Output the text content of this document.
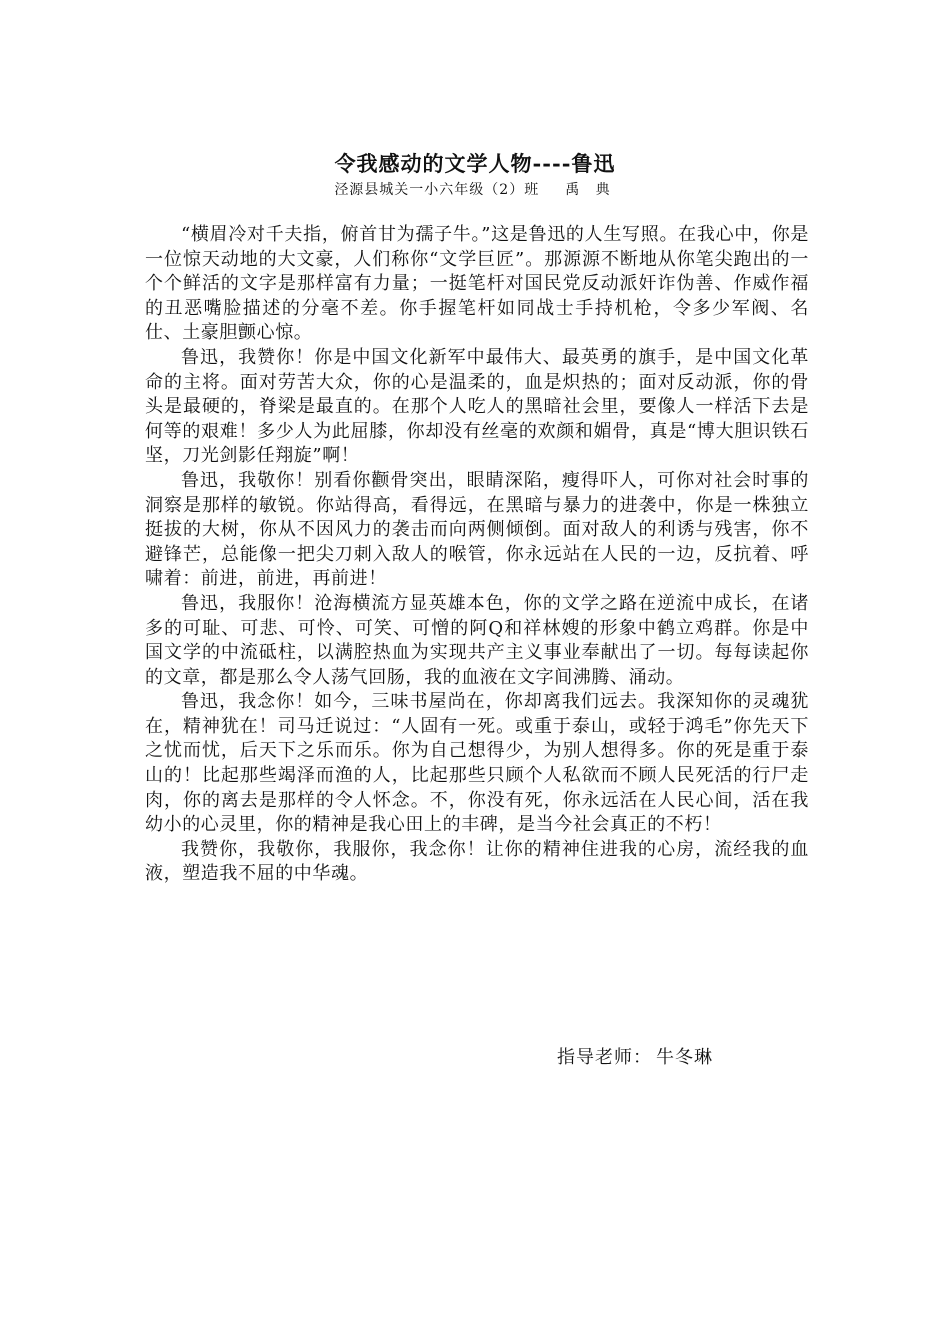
令我感动的文学人物----鲁迅

泾源县城关一小六年级（2）班 禹 典

“横眉冷对千夫指，俯首甘为孺子牛。”这是鲁迅的人生写照。在我心中，你是一位惊天动地的大文豪，人们称你“文学巨匠”。那源源不断地从你笔尖跑出的一个个鲜活的文字是那样富有力量；一挺笔杆对国民党反动派奸诈伪善、作威作福的丑恶嘴脸描述的分毫不差。你手握笔杆如同战士手持机枪，令多少军阀、名仕、土豪胆颤心惊。

鲁迅，我赞你！你是中国文化新军中最伟大、最英勇的旗手，是中国文化革命的主将。面对劳苦大众，你的心是温柔的，血是炽热的；面对反动派，你的骨头是最硬的，脊梁是最直的。在那个人吃人的黑暗社会里，要像人一样活下去是何等的艰难！多少人为此屈膝，你却没有丝毫的欢颜和媚骨，真是“博大胆识铁石坚，刀光剑影任翔旋”啊！

鲁迅，我敬你！别看你颧骨突出，眼睛深陷，瘦得吓人，可你对社会时事的洞察是那样的敏锐。你站得高，看得远，在黑暗与暴力的进袭中，你是一株独立挺拔的大树，你从不因风力的袭击而向两侧倾倒。面对敌人的利诱与残害，你不避锋芒，总能像一把尖刀刺入敌人的喉管，你永远站在人民的一边，反抗着、呼啸着：前进，前进，再前进！

鲁迅，我服你！沧海横流方显英雄本色，你的文学之路在逆流中成长，在诸多的可耻、可悲、可怜、可笑、可憎的阿Q和祥林嫂的形象中鹤立鸡群。你是中国文学的中流砥柱，以满腔热血为实现共产主义事业奉献出了一切。每每读起你的文章，都是那么令人荡气回肠，我的血液在文字间沸腾、涌动。

鲁迅，我念你！如今，三味书屋尚在，你却离我们远去。我深知你的灵魂犹在，精神犹在！司马迁说过：“人固有一死。或重于泰山，或轻于鸿毛”你先天下之忧而忧，后天下之乐而乐。你为自己想得少，为别人想得多。你的死是重于泰山的！比起那些竭泽而渔的人，比起那些只顾个人私欲而不顾人民死活的行尸走肉，你的离去是那样的令人怀念。不，你没有死，你永远活在人民心间，活在我幼小的心灵里，你的精神是我心田上的丰碑，是当今社会真正的不朽！

我赞你，我敬你，我服你，我念你！让你的精神住进我的心房，流经我的血液，塑造我不屈的中华魂。

指导老师： 牛冬琳
